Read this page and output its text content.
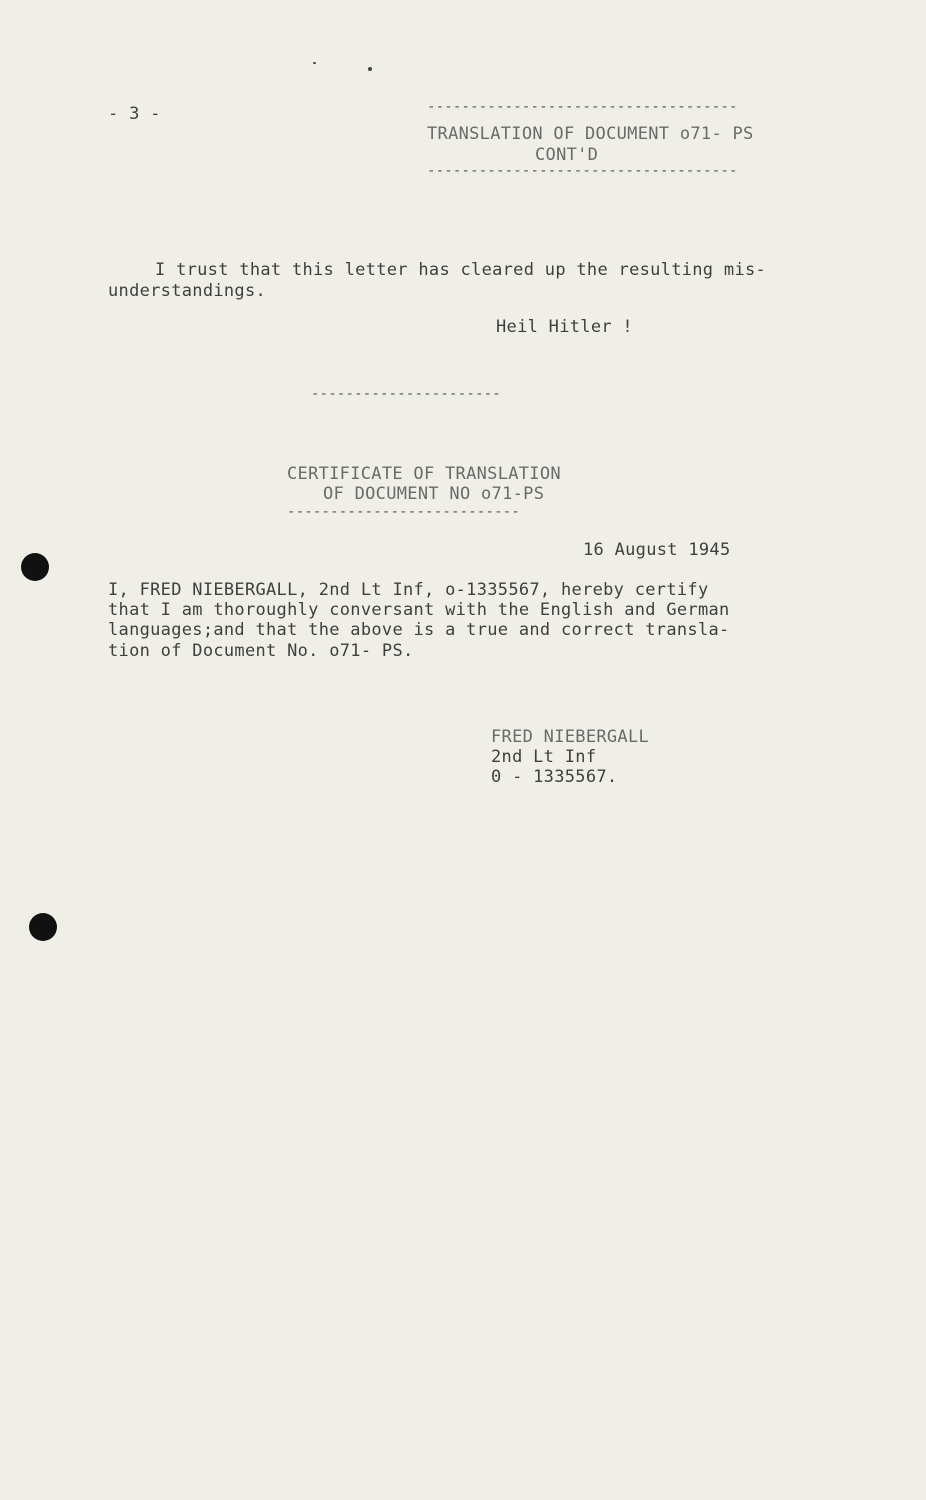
- 3 -	------------------------------------
TRANSLATION OF DOCUMENT o71- PS
CONT'D
------------------------------------
I trust that this letter has cleared up the resulting mis-
understandings.
Heil Hitler !
----------------------
CERTIFICATE OF TRANSLATION
OF DOCUMENT NO o71-PS
---------------------------
16 August 1945
I, FRED NIEBERGALL, 2nd Lt Inf, o-1335567, hereby certify
that I am thoroughly conversant with the English and German
languages;and that the above is a true and correct transla-
tion of Document No. o71- PS.
FRED NIEBERGALL
2nd Lt Inf
0 - 1335567.
